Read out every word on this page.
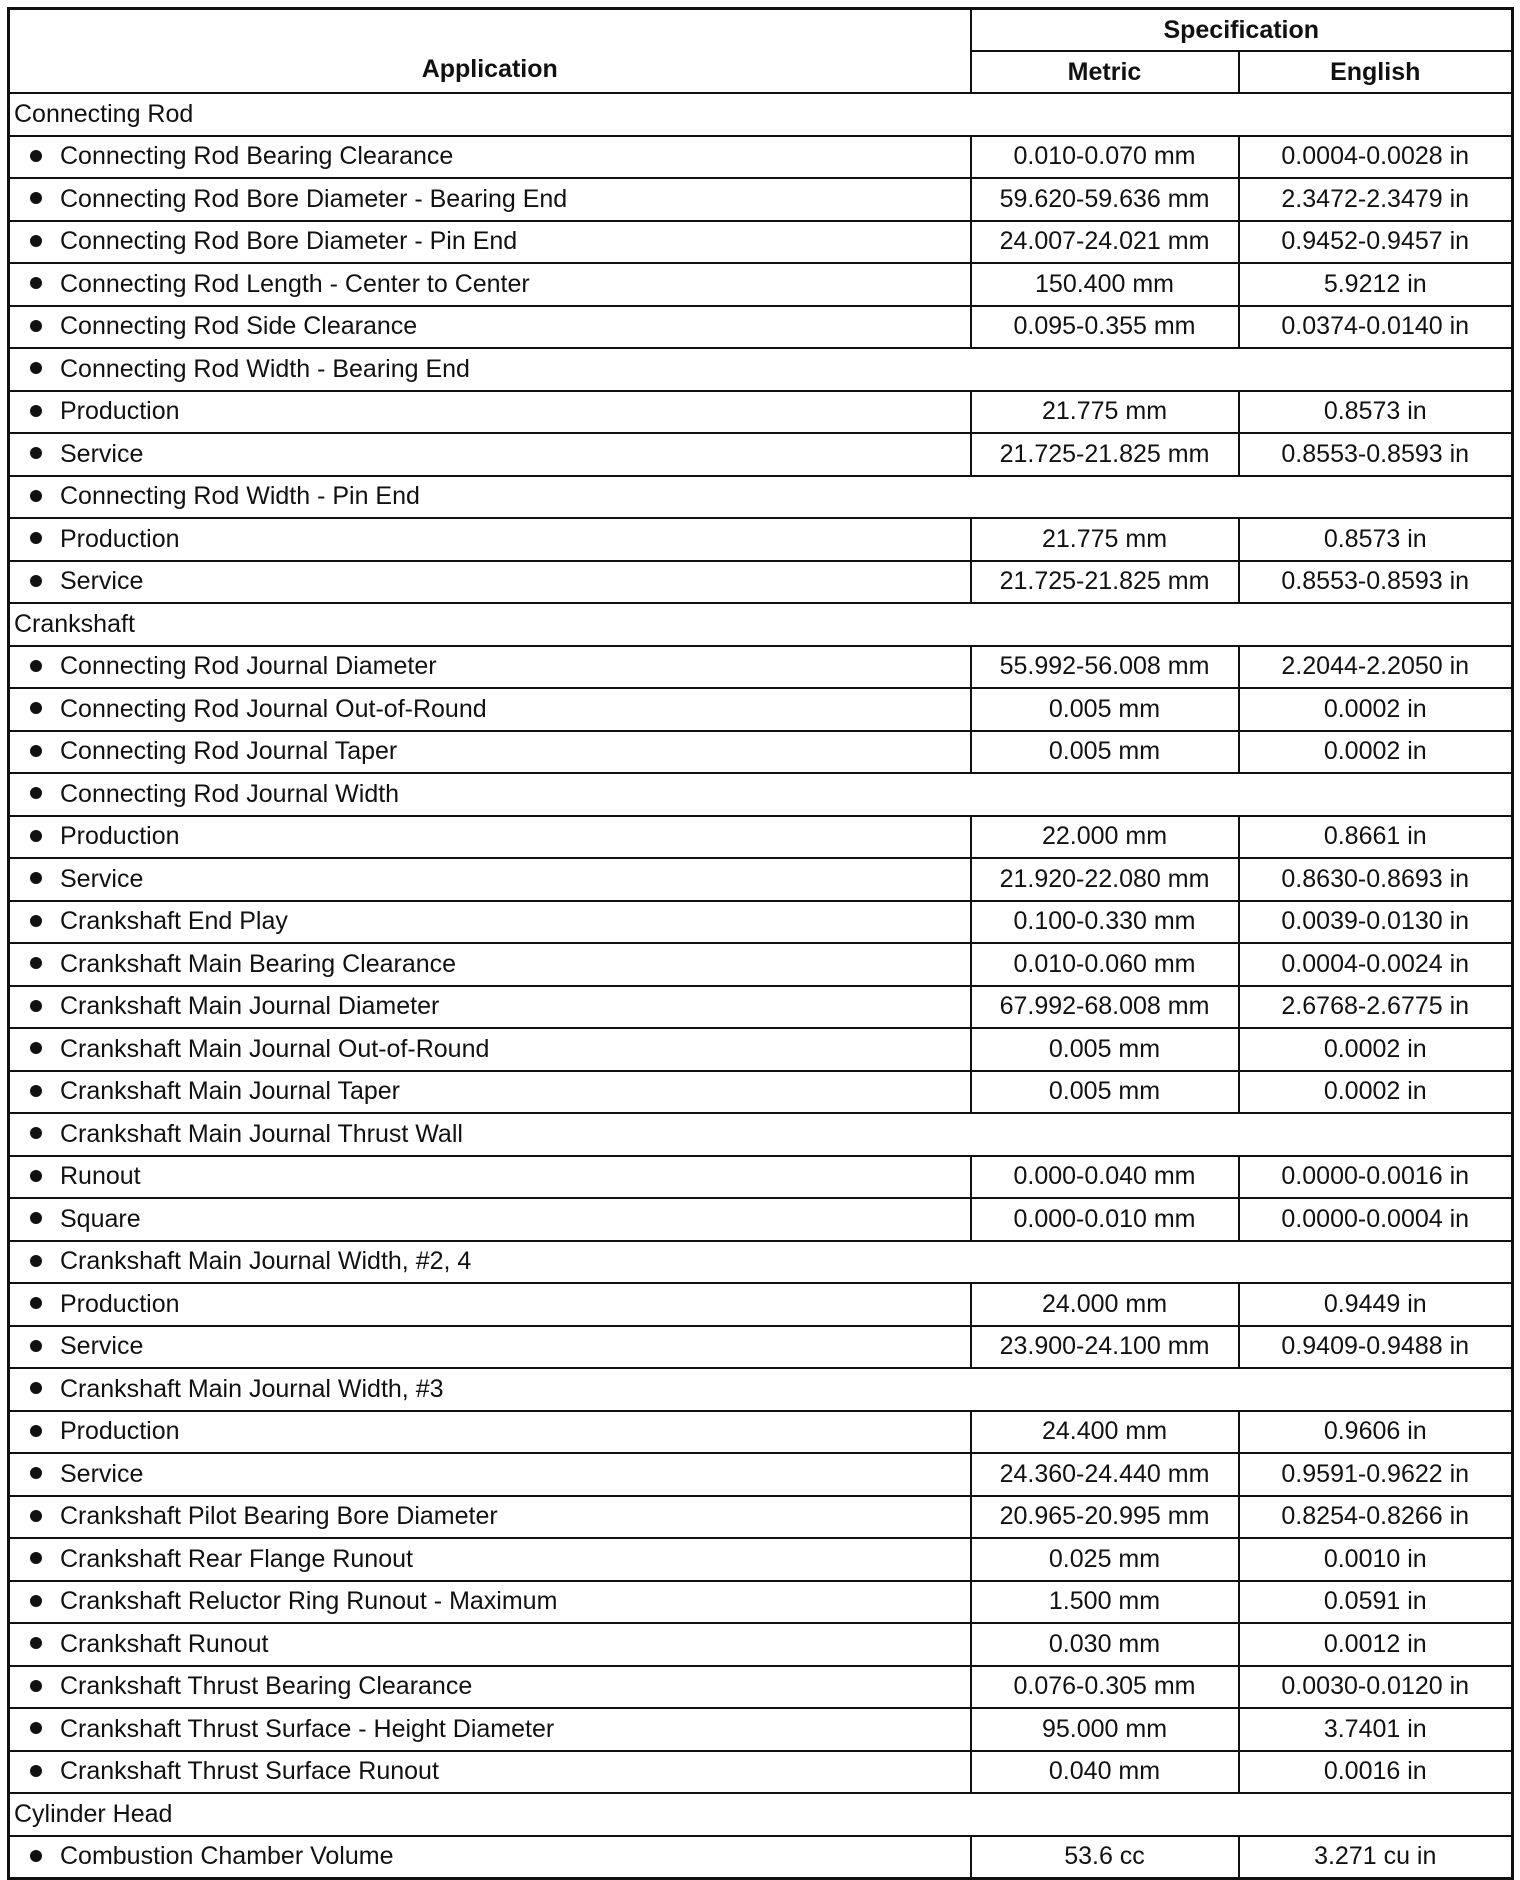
Application	Specification	
	Metric	English
Connecting Rod		
Connecting Rod Bearing Clearance	0.010-0.070 mm	0.0004-0.0028 in
Connecting Rod Bore Diameter - Bearing End	59.620-59.636 mm	2.3472-2.3479 in
Connecting Rod Bore Diameter - Pin End	24.007-24.021 mm	0.9452-0.9457 in
Connecting Rod Length - Center to Center	150.400 mm	5.9212 in
Connecting Rod Side Clearance	0.095-0.355 mm	0.0374-0.0140 in
Connecting Rod Width - Bearing End		
Production	21.775 mm	0.8573 in
Service	21.725-21.825 mm	0.8553-0.8593 in
Connecting Rod Width - Pin End		
Production	21.775 mm	0.8573 in
Service	21.725-21.825 mm	0.8553-0.8593 in
Crankshaft		
Connecting Rod Journal Diameter	55.992-56.008 mm	2.2044-2.2050 in
Connecting Rod Journal Out-of-Round	0.005 mm	0.0002 in
Connecting Rod Journal Taper	0.005 mm	0.0002 in
Connecting Rod Journal Width		
Production	22.000 mm	0.8661 in
Service	21.920-22.080 mm	0.8630-0.8693 in
Crankshaft End Play	0.100-0.330 mm	0.0039-0.0130 in
Crankshaft Main Bearing Clearance	0.010-0.060 mm	0.0004-0.0024 in
Crankshaft Main Journal Diameter	67.992-68.008 mm	2.6768-2.6775 in
Crankshaft Main Journal Out-of-Round	0.005 mm	0.0002 in
Crankshaft Main Journal Taper	0.005 mm	0.0002 in
Crankshaft Main Journal Thrust Wall		
Runout	0.000-0.040 mm	0.0000-0.0016 in
Square	0.000-0.010 mm	0.0000-0.0004 in
Crankshaft Main Journal Width, #2, 4		
Production	24.000 mm	0.9449 in
Service	23.900-24.100 mm	0.9409-0.9488 in
Crankshaft Main Journal Width, #3		
Production	24.400 mm	0.9606 in
Service	24.360-24.440 mm	0.9591-0.9622 in
Crankshaft Pilot Bearing Bore Diameter	20.965-20.995 mm	0.8254-0.8266 in
Crankshaft Rear Flange Runout	0.025 mm	0.0010 in
Crankshaft Reluctor Ring Runout - Maximum	1.500 mm	0.0591 in
Crankshaft Runout	0.030 mm	0.0012 in
Crankshaft Thrust Bearing Clearance	0.076-0.305 mm	0.0030-0.0120 in
Crankshaft Thrust Surface - Height Diameter	95.000 mm	3.7401 in
Crankshaft Thrust Surface Runout	0.040 mm	0.0016 in
Cylinder Head		
Combustion Chamber Volume	53.6 cc	3.271 cu in
